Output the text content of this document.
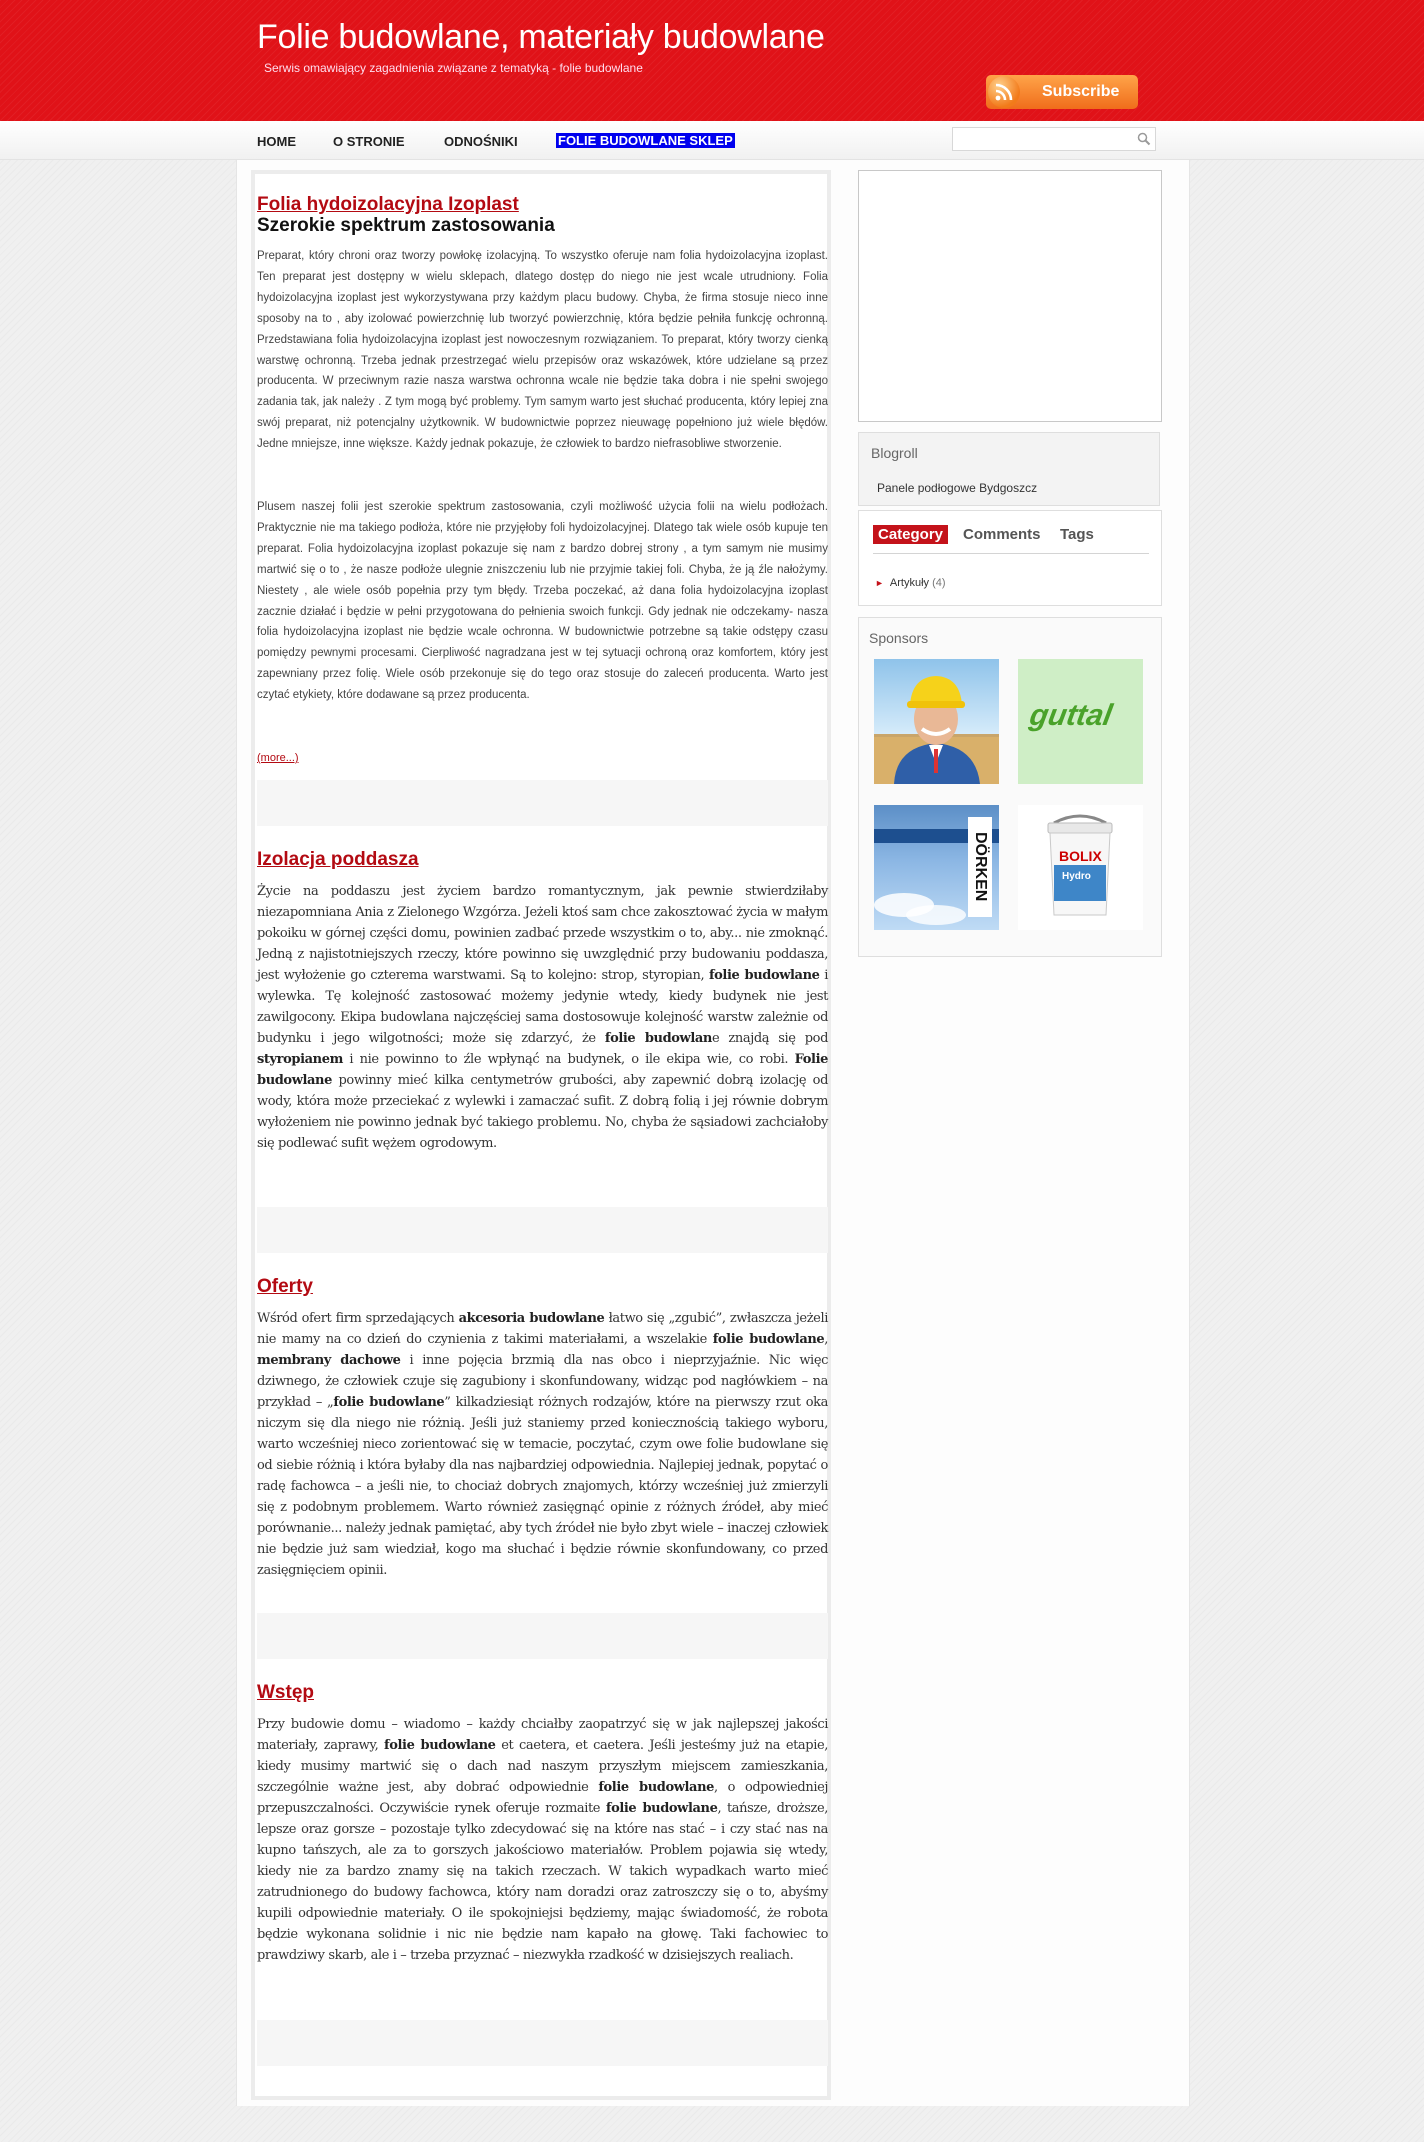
Folie budowlane, materiały budowlane
Serwis omawiający zagadnienia związane z tematyką - folie budowlane
Subscribe
HOME	O STRONIE	ODNOŚNIKI	FOLIE BUDOWLANE SKLEP
Folia hydoizolacyjna Izoplast
Szerokie spektrum zastosowania

Preparat, który chroni oraz tworzy powłokę izolacyjną. To wszystko oferuje nam folia hydoizolacyjna izoplast. Ten preparat jest dostępny w wielu sklepach, dlatego dostęp do niego nie jest wcale utrudniony. Folia hydoizolacyjna izoplast jest wykorzystywana przy każdym placu budowy. Chyba, że firma stosuje nieco inne sposoby na to , aby izolować powierzchnię lub tworzyć powierzchnię, która będzie pełniła funkcję ochronną. Przedstawiana folia hydoizolacyjna izoplast jest nowoczesnym rozwiązaniem. To preparat, który tworzy cienką warstwę ochronną. Trzeba jednak przestrzegać wielu przepisów oraz wskazówek, które udzielane są przez producenta. W przeciwnym razie nasza warstwa ochronna wcale nie będzie taka dobra i nie spełni swojego zadania tak, jak należy . Z tym mogą być problemy. Tym samym warto jest słuchać producenta, który lepiej zna swój preparat, niż potencjalny użytkownik. W budownictwie poprzez nieuwagę popełniono już wiele błędów. Jedne mniejsze, inne większe. Każdy jednak pokazuje, że człowiek to bardzo niefrasobliwe stworzenie.

Plusem naszej folii jest szerokie spektrum zastosowania, czyli możliwość użycia folii na wielu podłożach. Praktycznie nie ma takiego podłoża, które nie przyjęłoby foli hydoizolacyjnej. Dlatego tak wiele osób kupuje ten preparat. Folia hydoizolacyjna izoplast pokazuje się nam z bardzo dobrej strony , a tym samym nie musimy martwić się o to , że nasze podłoże ulegnie zniszczeniu lub nie przyjmie takiej foli. Chyba, że ją źle nałożymy. Niestety , ale wiele osób popełnia przy tym błędy. Trzeba poczekać, aż dana folia hydoizolacyjna izoplast zacznie działać i będzie w pełni przygotowana do pełnienia swoich funkcji. Gdy jednak nie odczekamy- nasza folia hydoizolacyjna izoplast nie będzie wcale ochronna. W budownictwie potrzebne są takie odstępy czasu pomiędzy pewnymi procesami. Cierpliwość nagradzana jest w tej sytuacji ochroną oraz komfortem, który jest zapewniany przez folię. Wiele osób przekonuje się do tego oraz stosuje do zaleceń producenta. Warto jest czytać etykiety, które dodawane są przez producenta.

(more...)
Izolacja poddasza

Życie na poddaszu jest życiem bardzo romantycznym, jak pewnie stwierdziłaby niezapomniana Ania z Zielonego Wzgórza. Jeżeli ktoś sam chce zakosztować życia w małym pokoiku w górnej części domu, powinien zadbać przede wszystkim o to, aby... nie zmoknąć. Jedną z najistotniejszych rzeczy, które powinno się uwzględnić przy budowaniu poddasza, jest wyłożenie go czterema warstwami. Są to kolejno: strop, styropian, folie budowlane i wylewka. Tę kolejność zastosować możemy jedynie wtedy, kiedy budynek nie jest zawilgocony. Ekipa budowlana najczęściej sama dostosowuje kolejność warstw zależnie od budynku i jego wilgotności; może się zdarzyć, że folie budowlane znajdą się pod styropianem i nie powinno to źle wpłynąć na budynek, o ile ekipa wie, co robi. Folie budowlane powinny mieć kilka centymetrów grubości, aby zapewnić dobrą izolację od wody, która może przeciekać z wylewki i zamaczać sufit. Z dobrą folią i jej równie dobrym wyłożeniem nie powinno jednak być takiego problemu. No, chyba że sąsiadowi zachciałoby się podlewać sufit wężem ogrodowym.

Oferty

Wśród ofert firm sprzedających akcesoria budowlane łatwo się „zgubić”, zwłaszcza jeżeli nie mamy na co dzień do czynienia z takimi materiałami, a wszelakie folie budowlane, membrany dachowe i inne pojęcia brzmią dla nas obco i nieprzyjaźnie. Nic więc dziwnego, że człowiek czuje się zagubiony i skonfundowany, widząc pod nagłówkiem – na przykład – „folie budowlane” kilkadziesiąt różnych rodzajów, które na pierwszy rzut oka niczym się dla niego nie różnią. Jeśli już staniemy przed koniecznością takiego wyboru, warto wcześniej nieco zorientować się w temacie, poczytać, czym owe folie budowlane się od siebie różnią i która byłaby dla nas najbardziej odpowiednia. Najlepiej jednak, popytać o radę fachowca – a jeśli nie, to chociaż dobrych znajomych, którzy wcześniej już zmierzyli się z podobnym problemem. Warto również zasięgnąć opinie z różnych źródeł, aby mieć porównanie... należy jednak pamiętać, aby tych źródeł nie było zbyt wiele – inaczej człowiek nie będzie już sam wiedział, kogo ma słuchać i będzie równie skonfundowany, co przed zasięgnięciem opinii.

Wstęp

Przy budowie domu – wiadomo – każdy chciałby zaopatrzyć się w jak najlepszej jakości materiały, zaprawy, folie budowlane et caetera, et caetera. Jeśli jesteśmy już na etapie, kiedy musimy martwić się o dach nad naszym przyszłym miejscem zamieszkania, szczególnie ważne jest, aby dobrać odpowiednie folie budowlane, o odpowiedniej przepuszczalności. Oczywiście rynek oferuje rozmaite folie budowlane, tańsze, droższe, lepsze oraz gorsze – pozostaje tylko zdecydować się na które nas stać – i czy stać nas na kupno tańszych, ale za to gorszych jakościowo materiałów. Problem pojawia się wtedy, kiedy nie za bardzo znamy się na takich rzeczach. W takich wypadkach warto mieć zatrudnionego do budowy fachowca, który nam doradzi oraz zatroszczy się o to, abyśmy kupili odpowiednie materiały. O ile spokojniejsi będziemy, mając świadomość, że robota będzie wykonana solidnie i nic nie będzie nam kapało na głowę. Taki fachowiec to prawdziwy skarb, ale i – trzeba przyznać – niezwykła rzadkość w dzisiejszych realiach.

Blogroll
Panele podłogowe Bydgoszcz
Category	Comments Tags
► Artykuły (4)
Sponsors
guttal
DÖRKEN	BOLIX
Hydro
